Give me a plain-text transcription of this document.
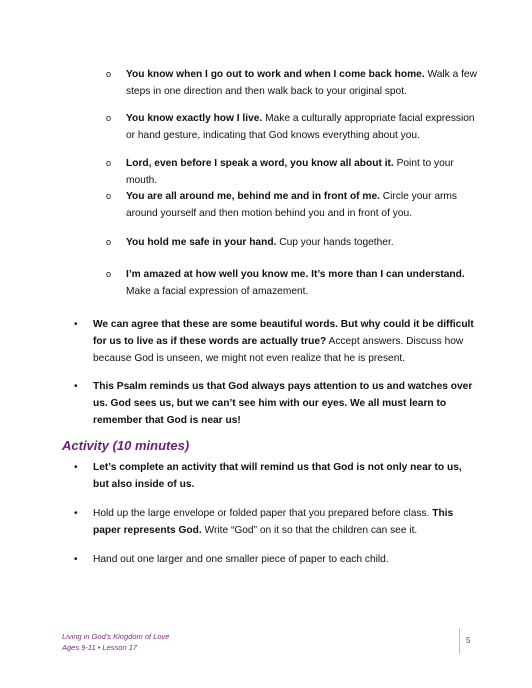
o You know when I go out to work and when I come back home. Walk a few steps in one direction and then walk back to your original spot.
o You know exactly how I live. Make a culturally appropriate facial expression or hand gesture, indicating that God knows everything about you.
o Lord, even before I speak a word, you know all about it. Point to your mouth.
o You are all around me, behind me and in front of me. Circle your arms around yourself and then motion behind you and in front of you.
o You hold me safe in your hand. Cup your hands together.
o I’m amazed at how well you know me. It’s more than I can understand. Make a facial expression of amazement.
• We can agree that these are some beautiful words. But why could it be difficult for us to live as if these words are actually true? Accept answers. Discuss how because God is unseen, we might not even realize that he is present.
• This Psalm reminds us that God always pays attention to us and watches over us. God sees us, but we can’t see him with our eyes. We all must learn to remember that God is near us!
Activity (10 minutes)
• Let’s complete an activity that will remind us that God is not only near to us, but also inside of us.
• Hold up the large envelope or folded paper that you prepared before class. This paper represents God. Write “God” on it so that the children can see it.
• Hand out one larger and one smaller piece of paper to each child.
Living in God’s Kingdom of Love
Ages 9-11 • Lesson 17
5
